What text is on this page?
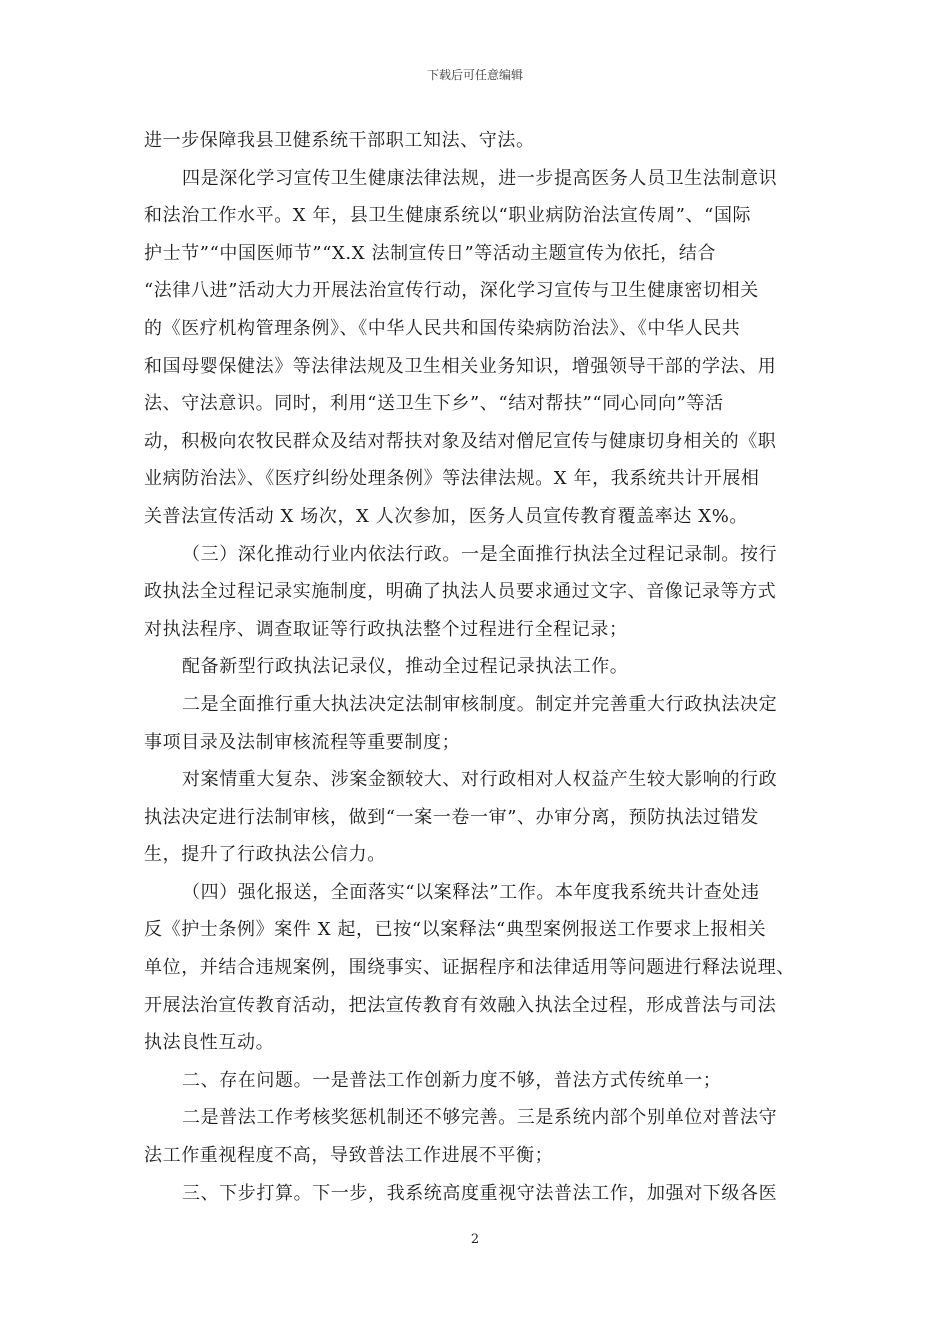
下载后可任意编辑
进一步保障我县卫健系统干部职工知法、守法。
四是深化学习宣传卫生健康法律法规，进一步提高医务人员卫生法制意识
和法治工作水平。X 年，县卫生健康系统以“职业病防治法宣传周”、“国际
护士节”“中国医师节”“X.X 法制宣传日”等活动主题宣传为依托，结合
“法律八进”活动大力开展法治宣传行动，深化学习宣传与卫生健康密切相关
的《医疗机构管理条例》、《中华人民共和国传染病防治法》、《中华人民共
和国母婴保健法》等法律法规及卫生相关业务知识，增强领导干部的学法、用
法、守法意识。同时，利用“送卫生下乡”、“结对帮扶”“同心同向”等活
动，积极向农牧民群众及结对帮扶对象及结对僧尼宣传与健康切身相关的《职
业病防治法》、《医疗纠纷处理条例》等法律法规。X 年，我系统共计开展相
关普法宣传活动 X 场次，X 人次参加，医务人员宣传教育覆盖率达 X%。
（三）深化推动行业内依法行政。一是全面推行执法全过程记录制。按行
政执法全过程记录实施制度，明确了执法人员要求通过文字、音像记录等方式
对执法程序、调查取证等行政执法整个过程进行全程记录；
配备新型行政执法记录仪，推动全过程记录执法工作。
二是全面推行重大执法决定法制审核制度。制定并完善重大行政执法决定
事项目录及法制审核流程等重要制度；
对案情重大复杂、涉案金额较大、对行政相对人权益产生较大影响的行政
执法决定进行法制审核，做到“一案一卷一审”、办审分离，预防执法过错发
生，提升了行政执法公信力。
（四）强化报送，全面落实“以案释法”工作。本年度我系统共计查处违
反《护士条例》案件 X 起，已按“以案释法“典型案例报送工作要求上报相关
单位，并结合违规案例，围绕事实、证据程序和法律适用等问题进行释法说理、
开展法治宣传教育活动，把法宣传教育有效融入执法全过程，形成普法与司法
执法良性互动。
二、存在问题。一是普法工作创新力度不够，普法方式传统单一；
二是普法工作考核奖惩机制还不够完善。三是系统内部个别单位对普法守
法工作重视程度不高，导致普法工作进展不平衡；
三、下步打算。下一步，我系统高度重视守法普法工作，加强对下级各医
2
